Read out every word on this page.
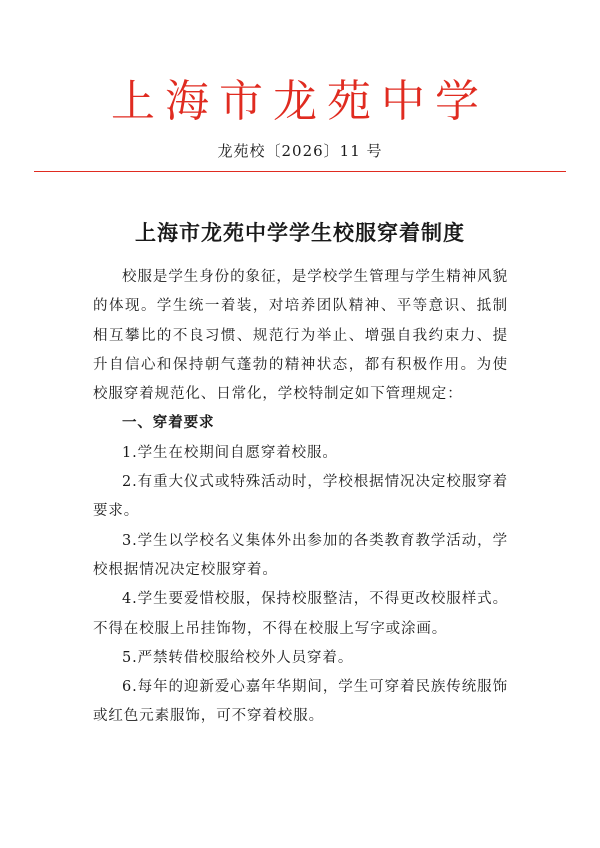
上海市龙苑中学
龙苑校〔2026〕11 号
上海市龙苑中学学生校服穿着制度

校服是学生身份的象征，是学校学生管理与学生精神风貌的体现。学生统一着装，对培养团队精神、平等意识、抵制相互攀比的不良习惯、规范行为举止、增强自我约束力、提升自信心和保持朝气蓬勃的精神状态，都有积极作用。为使校服穿着规范化、日常化，学校特制定如下管理规定：

一、穿着要求

1.学生在校期间自愿穿着校服。

2.有重大仪式或特殊活动时，学校根据情况决定校服穿着要求。

3.学生以学校名义集体外出参加的各类教育教学活动，学校根据情况决定校服穿着。

4.学生要爱惜校服，保持校服整洁，不得更改校服样式。不得在校服上吊挂饰物，不得在校服上写字或涂画。

5.严禁转借校服给校外人员穿着。

6.每年的迎新爱心嘉年华期间，学生可穿着民族传统服饰或红色元素服饰，可不穿着校服。
